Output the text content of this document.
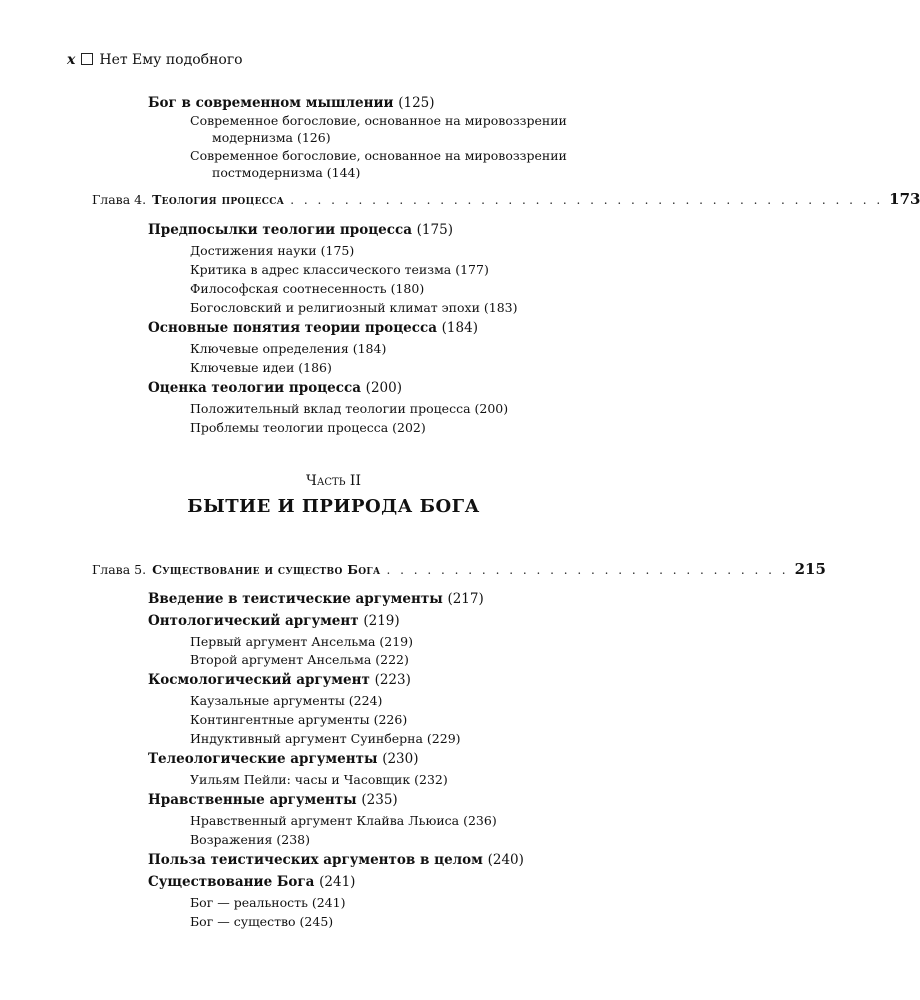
x Нет Ему подобного
Бог в современном мышлении (125)
Современное богословие, основанное на мировоззрении
модернизма (126)
Современное богословие, основанное на мировоззрении
постмодернизма (144)
Глава 4. Теология процесса . . . . . . . . . . . . . . . . . . . . . . . . . . . . . . . . . . . . . . . . . . . . 173
Предпосылки теологии процесса (175)
Достижения науки (175)
Критика в адрес классического теизма (177)
Философская соотнесенность (180)
Богословский и религиозный климат эпохи (183)
Основные понятия теории процесса (184)
Ключевые определения (184)
Ключевые идеи (186)
Оценка теологии процесса (200)
Положительный вклад теологии процесса (200)
Проблемы теологии процесса (202)
Часть II
БЫТИЕ И ПРИРОДА БОГА
Глава 5. Существование и существо Бога . . . . . . . . . . . . . . . . . . . . . . . . . . . . . . 215
Введение в теистические аргументы (217)
Онтологический аргумент (219)
Первый аргумент Ансельма (219)
Второй аргумент Ансельма (222)
Космологический аргумент (223)
Каузальные аргументы (224)
Контингентные аргументы (226)
Индуктивный аргумент Суинберна (229)
Телеологические аргументы (230)
Уильям Пейли: часы и Часовщик (232)
Нравственные аргументы (235)
Нравственный аргумент Клайва Льюиса (236)
Возражения (238)
Польза теистических аргументов в целом (240)
Существование Бога (241)
Бог — реальность (241)
Бог — существо (245)
